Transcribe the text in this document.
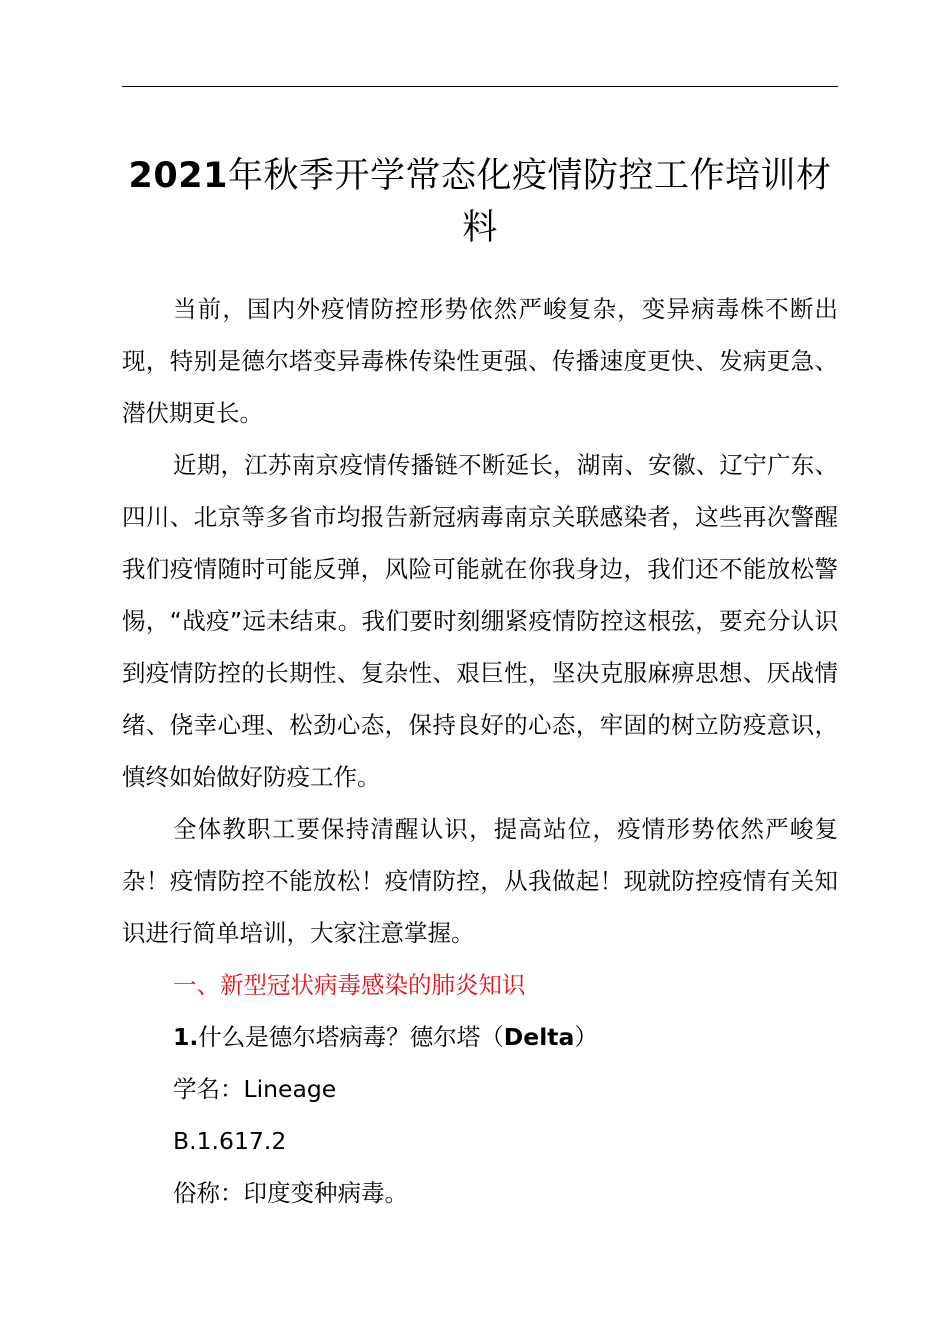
2021年秋季开学常态化疫情防控工作培训材料

当前，国内外疫情防控形势依然严峻复杂，变异病毒株不断出现，特别是德尔塔变异毒株传染性更强、传播速度更快、发病更急、潜伏期更长。

近期，江苏南京疫情传播链不断延长，湖南、安徽、辽宁广东、四川、北京等多省市均报告新冠病毒南京关联感染者，这些再次警醒我们疫情随时可能反弹，风险可能就在你我身边，我们还不能放松警惕，“战疫”远未结束。我们要时刻绷紧疫情防控这根弦，要充分认识到疫情防控的长期性、复杂性、艰巨性，坚决克服麻痹思想、厌战情绪、侥幸心理、松劲心态，保持良好的心态，牢固的树立防疫意识，慎终如始做好防疫工作。

全体教职工要保持清醒认识，提高站位，疫情形势依然严峻复杂！疫情防控不能放松！疫情防控，从我做起！现就防控疫情有关知识进行简单培训，大家注意掌握。

一、新型冠状病毒感染的肺炎知识

1.什么是德尔塔病毒？德尔塔（Delta）

学名：Lineage

B.1.617.2

俗称：印度变种病毒。
